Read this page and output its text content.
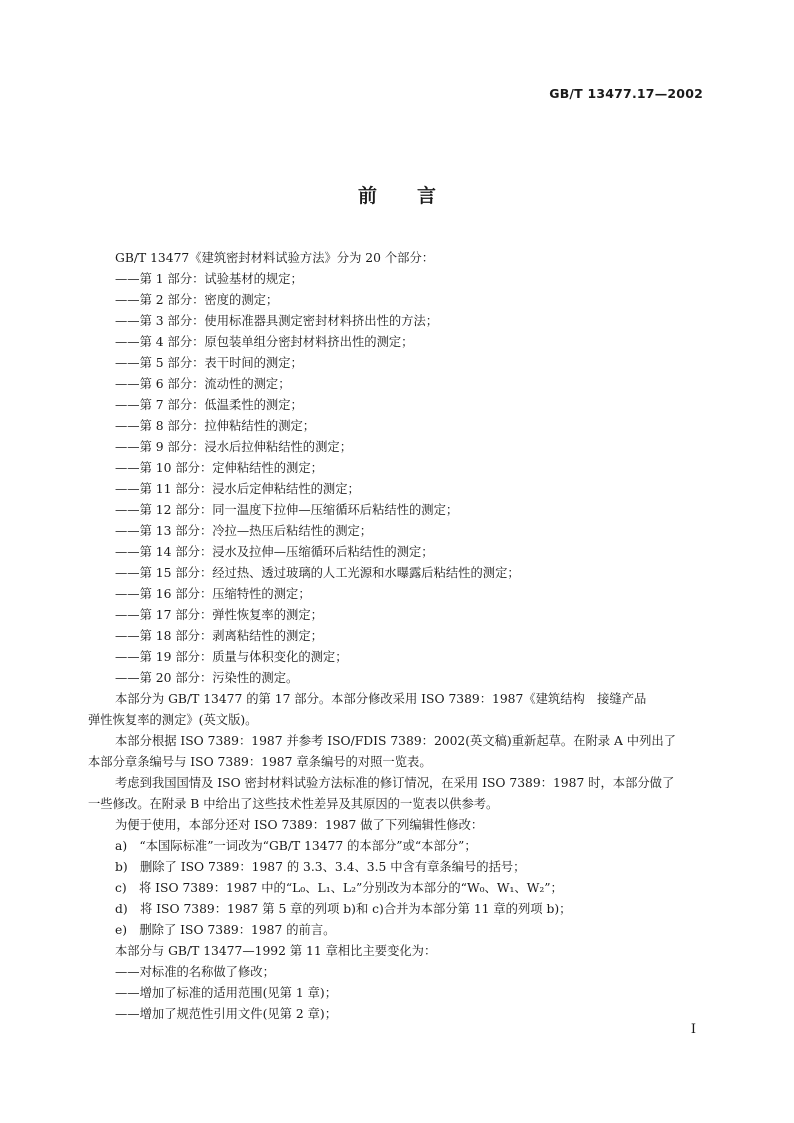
GB/T 13477.17—2002
前言

GB/T 13477《建筑密封材料试验方法》分为 20 个部分：

——第 1 部分：试验基材的规定；

——第 2 部分：密度的测定；

——第 3 部分：使用标准器具测定密封材料挤出性的方法；

——第 4 部分：原包装单组分密封材料挤出性的测定；

——第 5 部分：表干时间的测定；

——第 6 部分：流动性的测定；

——第 7 部分：低温柔性的测定；

——第 8 部分：拉伸粘结性的测定；

——第 9 部分：浸水后拉伸粘结性的测定；

——第 10 部分：定伸粘结性的测定；

——第 11 部分：浸水后定伸粘结性的测定；

——第 12 部分：同一温度下拉伸—压缩循环后粘结性的测定；

——第 13 部分：冷拉—热压后粘结性的测定；

——第 14 部分：浸水及拉伸—压缩循环后粘结性的测定；

——第 15 部分：经过热、透过玻璃的人工光源和水曝露后粘结性的测定；

——第 16 部分：压缩特性的测定；

——第 17 部分：弹性恢复率的测定；

——第 18 部分：剥离粘结性的测定；

——第 19 部分：质量与体积变化的测定；

——第 20 部分：污染性的测定。

本部分为 GB/T 13477 的第 17 部分。本部分修改采用 ISO 7389：1987《建筑结构　接缝产品

弹性恢复率的测定》(英文版)。

本部分根据 ISO 7389：1987 并参考 ISO/FDIS 7389：2002(英文稿)重新起草。在附录 A 中列出了

本部分章条编号与 ISO 7389：1987 章条编号的对照一览表。

考虑到我国国情及 ISO 密封材料试验方法标准的修订情况，在采用 ISO 7389：1987 时，本部分做了

一些修改。在附录 B 中给出了这些技术性差异及其原因的一览表以供参考。

为便于使用，本部分还对 ISO 7389：1987 做了下列编辑性修改：

a)　“本国际标准”一词改为“GB/T 13477 的本部分”或“本部分”；

b)　删除了 ISO 7389：1987 的 3.3、3.4、3.5 中含有章条编号的括号；

c)　将 ISO 7389：1987 中的“L₀、L₁、L₂”分别改为本部分的“W₀、W₁、W₂”；

d)　将 ISO 7389：1987 第 5 章的列项 b)和 c)合并为本部分第 11 章的列项 b)；

e)　删除了 ISO 7389：1987 的前言。

本部分与 GB/T 13477—1992 第 11 章相比主要变化为：

——对标准的名称做了修改；

——增加了标准的适用范围(见第 1 章)；

——增加了规范性引用文件(见第 2 章)；

I
